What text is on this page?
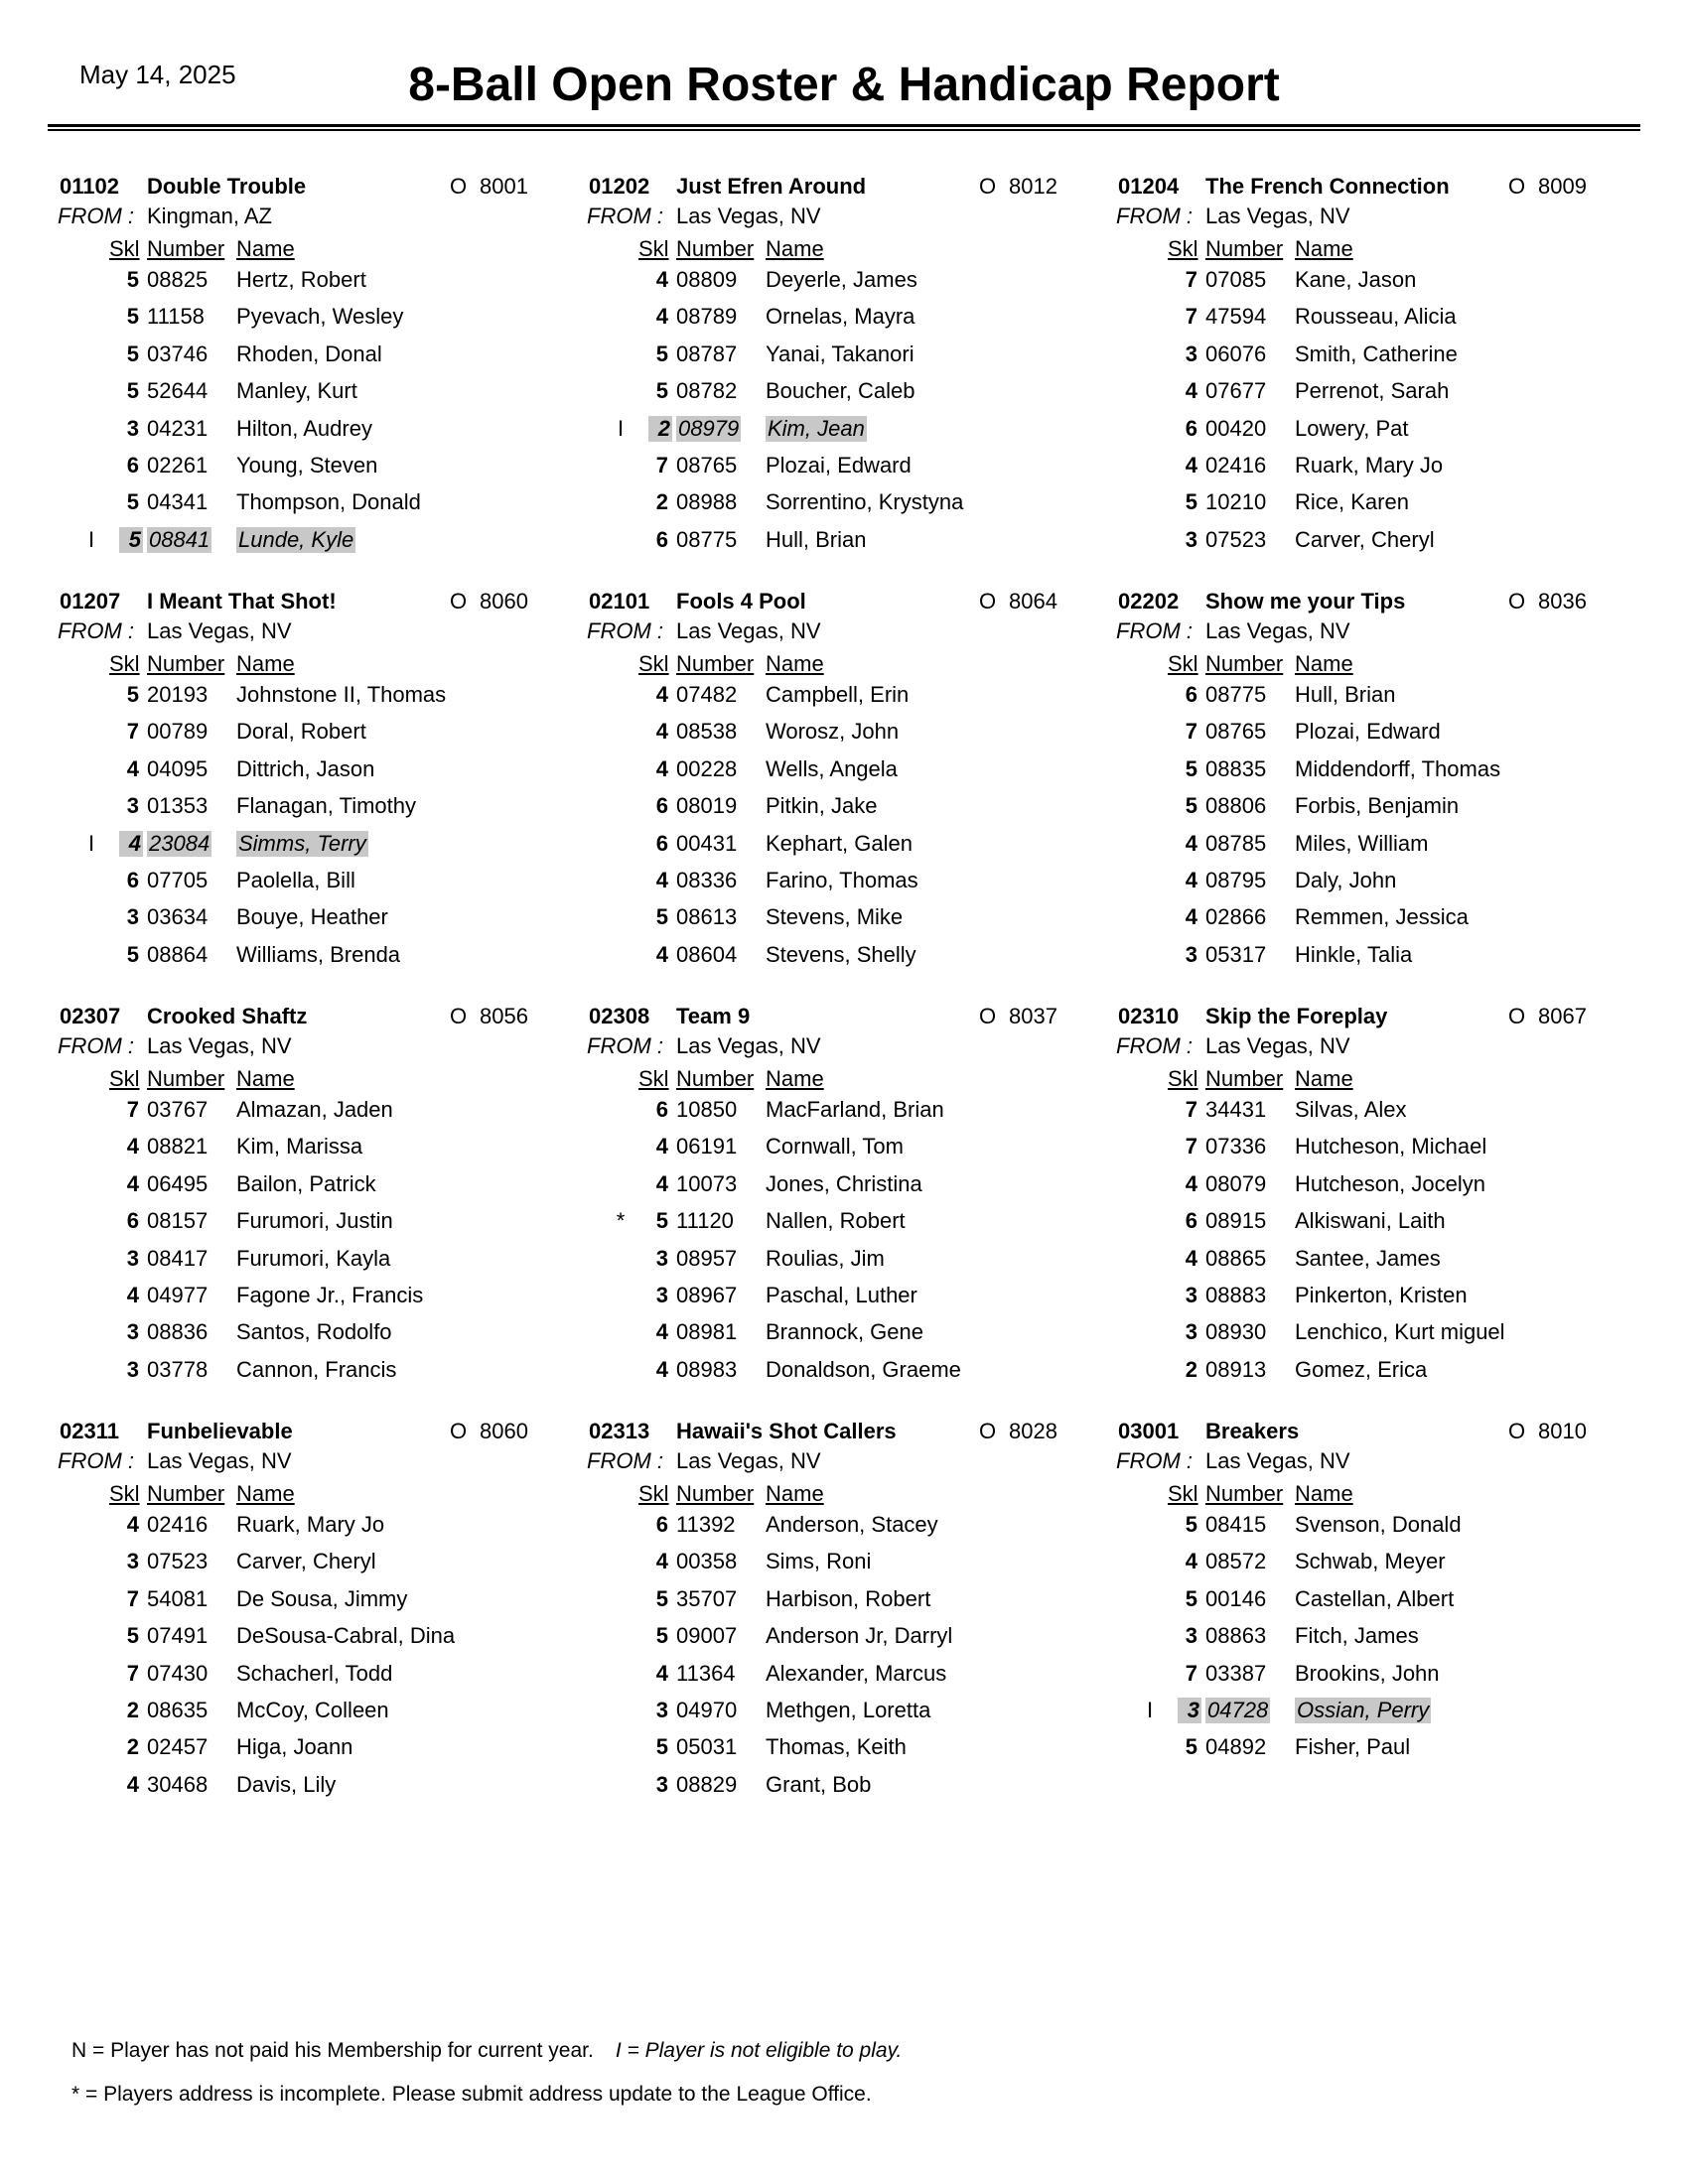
May 14, 2025	8-Ball Open Roster & Handicap Report
01102 Double Trouble	O 8001
FROM : Kingman, AZ
Skl Number Name
5 08825 Hertz, Robert
5 11158 Pyevach, Wesley
5 03746 Rhoden, Donal
5 52644 Manley, Kurt
3 04231 Hilton, Audrey
6 02261 Young, Steven
5 04341 Thompson, Donald
I	5 08841 Lunde, Kyle
01202 Just Efren Around	O 8012
FROM : Las Vegas, NV
Skl Number Name
4 08809 Deyerle, James
4 08789 Ornelas, Mayra
5 08787 Yanai, Takanori
5 08782 Boucher, Caleb
I	2 08979 Kim, Jean
7 08765 Plozai, Edward
2 08988 Sorrentino, Krystyna
6 08775 Hull, Brian
01204 The French Connection	O 8009
FROM : Las Vegas, NV
Skl Number Name
7 07085 Kane, Jason
7 47594 Rousseau, Alicia
3 06076 Smith, Catherine
4 07677 Perrenot, Sarah
6 00420 Lowery, Pat
4 02416 Ruark, Mary Jo
5 10210 Rice, Karen
3 07523 Carver, Cheryl
01207 I Meant That Shot!	O 8060
FROM : Las Vegas, NV
Skl Number Name
5 20193 Johnstone II, Thomas
7 00789 Doral, Robert
4 04095 Dittrich, Jason
3 01353 Flanagan, Timothy
I	4 23084 Simms, Terry
6 07705 Paolella, Bill
3 03634 Bouye, Heather
5 08864 Williams, Brenda
02101 Fools 4 Pool	O 8064
FROM : Las Vegas, NV
Skl Number Name
4 07482 Campbell, Erin
4 08538 Worosz, John
4 00228 Wells, Angela
6 08019 Pitkin, Jake
6 00431 Kephart, Galen
4 08336 Farino, Thomas
5 08613 Stevens, Mike
4 08604 Stevens, Shelly
02202 Show me your Tips	O 8036
FROM : Las Vegas, NV
Skl Number Name
6 08775 Hull, Brian
7 08765 Plozai, Edward
5 08835 Middendorff, Thomas
5 08806 Forbis, Benjamin
4 08785 Miles, William
4 08795 Daly, John
4 02866 Remmen, Jessica
3 05317 Hinkle, Talia
02307 Crooked Shaftz	O 8056
FROM : Las Vegas, NV
Skl Number Name
7 03767 Almazan, Jaden
4 08821 Kim, Marissa
4 06495 Bailon, Patrick
6 08157 Furumori, Justin
3 08417 Furumori, Kayla
4 04977 Fagone Jr., Francis
3 08836 Santos, Rodolfo
3 03778 Cannon, Francis
02308 Team 9	O 8037
FROM : Las Vegas, NV
Skl Number Name
6 10850 MacFarland, Brian
4 06191 Cornwall, Tom
4 10073 Jones, Christina
*	5 11120 Nallen, Robert
3 08957 Roulias, Jim
3 08967 Paschal, Luther
4 08981 Brannock, Gene
4 08983 Donaldson, Graeme
02310 Skip the Foreplay	O 8067
FROM : Las Vegas, NV
Skl Number Name
7 34431 Silvas, Alex
7 07336 Hutcheson, Michael
4 08079 Hutcheson, Jocelyn
6 08915 Alkiswani, Laith
4 08865 Santee, James
3 08883 Pinkerton, Kristen
3 08930 Lenchico, Kurt miguel
2 08913 Gomez, Erica
02311 Funbelievable	O 8060
FROM : Las Vegas, NV
Skl Number Name
4 02416 Ruark, Mary Jo
3 07523 Carver, Cheryl
7 54081 De Sousa, Jimmy
5 07491 DeSousa-Cabral, Dina
7 07430 Schacherl, Todd
2 08635 McCoy, Colleen
2 02457 Higa, Joann
4 30468 Davis, Lily
02313 Hawaii's Shot Callers	O 8028
FROM : Las Vegas, NV
Skl Number Name
6 11392 Anderson, Stacey
4 00358 Sims, Roni
5 35707 Harbison, Robert
5 09007 Anderson Jr, Darryl
4 11364 Alexander, Marcus
3 04970 Methgen, Loretta
5 05031 Thomas, Keith
3 08829 Grant, Bob
03001 Breakers	O 8010
FROM : Las Vegas, NV
Skl Number Name
5 08415 Svenson, Donald
4 08572 Schwab, Meyer
5 00146 Castellan, Albert
3 08863 Fitch, James
7 03387 Brookins, John
I	3 04728 Ossian, Perry
5 04892 Fisher, Paul
N = Player has not paid his Membership for current year. I = Player is not eligible to play.
* = Players address is incomplete. Please submit address update to the League Office.
